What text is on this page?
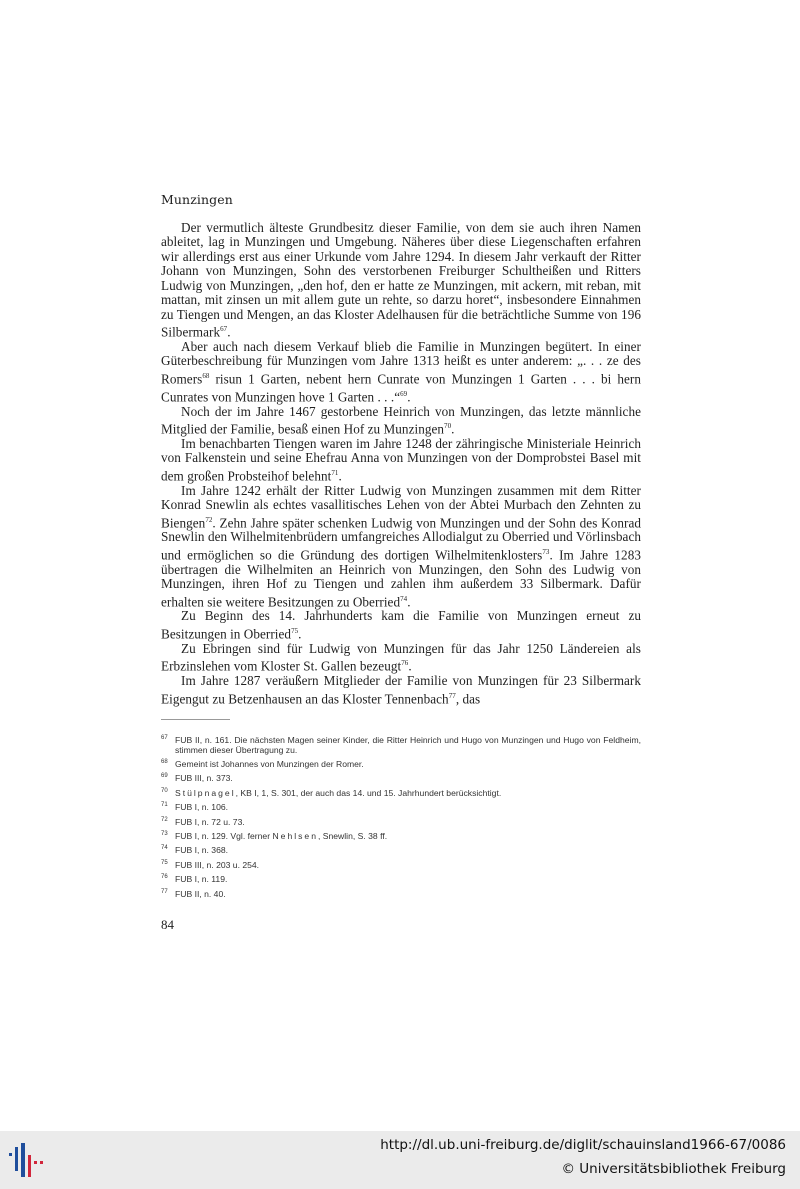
Munzingen

Der vermutlich älteste Grundbesitz dieser Familie, von dem sie auch ihren Namen ableitet, lag in Munzingen und Umgebung. Näheres über diese Liegenschaften erfahren wir allerdings erst aus einer Urkunde vom Jahre 1294. In diesem Jahr verkauft der Ritter Johann von Munzingen, Sohn des verstorbenen Freiburger Schultheißen und Ritters Ludwig von Munzingen, „den hof, den er hatte ze Munzingen, mit ackern, mit reban, mit mattan, mit zinsen un mit allem gute un rehte, so darzu horet“, insbesondere Einnahmen zu Tiengen und Mengen, an das Kloster Adelhausen für die beträchtliche Summe von 196 Silbermark$^{67}$.

Aber auch nach diesem Verkauf blieb die Familie in Munzingen begütert. In einer Güterbeschreibung für Munzingen vom Jahre 1313 heißt es unter anderem: „. . . ze des Romers$^{68}$ risun 1 Garten, nebent hern Cunrate von Munzingen 1 Garten . . . bi hern Cunrates von Munzingen hove 1 Garten . . .“$^{69}$.

Noch der im Jahre 1467 gestorbene Heinrich von Munzingen, das letzte männliche Mitglied der Familie, besaß einen Hof zu Munzingen$^{70}$.

Im benachbarten Tiengen waren im Jahre 1248 der zähringische Ministeriale Heinrich von Falkenstein und seine Ehefrau Anna von Munzingen von der Domprobstei Basel mit dem großen Probsteihof belehnt$^{71}$.

Im Jahre 1242 erhält der Ritter Ludwig von Munzingen zusammen mit dem Ritter Konrad Snewlin als echtes vasallitisches Lehen von der Abtei Murbach den Zehnten zu Biengen$^{72}$. Zehn Jahre später schenken Ludwig von Munzingen und der Sohn des Konrad Snewlin den Wilhelmitenbrüdern umfangreiches Allodialgut zu Oberried und Vörlinsbach und ermöglichen so die Gründung des dortigen Wilhelmitenklosters$^{73}$. Im Jahre 1283 übertragen die Wilhelmiten an Heinrich von Munzingen, den Sohn des Ludwig von Munzingen, ihren Hof zu Tiengen und zahlen ihm außerdem 33 Silbermark. Dafür erhalten sie weitere Besitzungen zu Oberried$^{74}$.

Zu Beginn des 14. Jahrhunderts kam die Familie von Munzingen erneut zu Besitzungen in Oberried$^{75}$.

Zu Ebringen sind für Ludwig von Munzingen für das Jahr 1250 Ländereien als Erbzinslehen vom Kloster St. Gallen bezeugt$^{76}$.

Im Jahre 1287 veräußern Mitglieder der Familie von Munzingen für 23 Silbermark Eigengut zu Betzenhausen an das Kloster Tennenbach$^{77}$, das

67 FUB II, n. 161. Die nächsten Magen seiner Kinder, die Ritter Heinrich und Hugo von Munzingen und Hugo von Feldheim, stimmen dieser Übertragung zu.
68 Gemeint ist Johannes von Munzingen der Romer.
69 FUB III, n. 373.
70 Stülpnagel, KB I, 1, S. 301, der auch das 14. und 15. Jahrhundert berücksichtigt.
71 FUB I, n. 106.
72 FUB I, n. 72 u. 73.
73 FUB I, n. 129. Vgl. ferner Nehlsen, Snewlin, S. 38 ff.
74 FUB I, n. 368.
75 FUB III, n. 203 u. 254.
76 FUB I, n. 119.
77 FUB II, n. 40.
84
http://dl.ub.uni-freiburg.de/diglit/schauinsland1966-67/0086
© Universitätsbibliothek Freiburg
